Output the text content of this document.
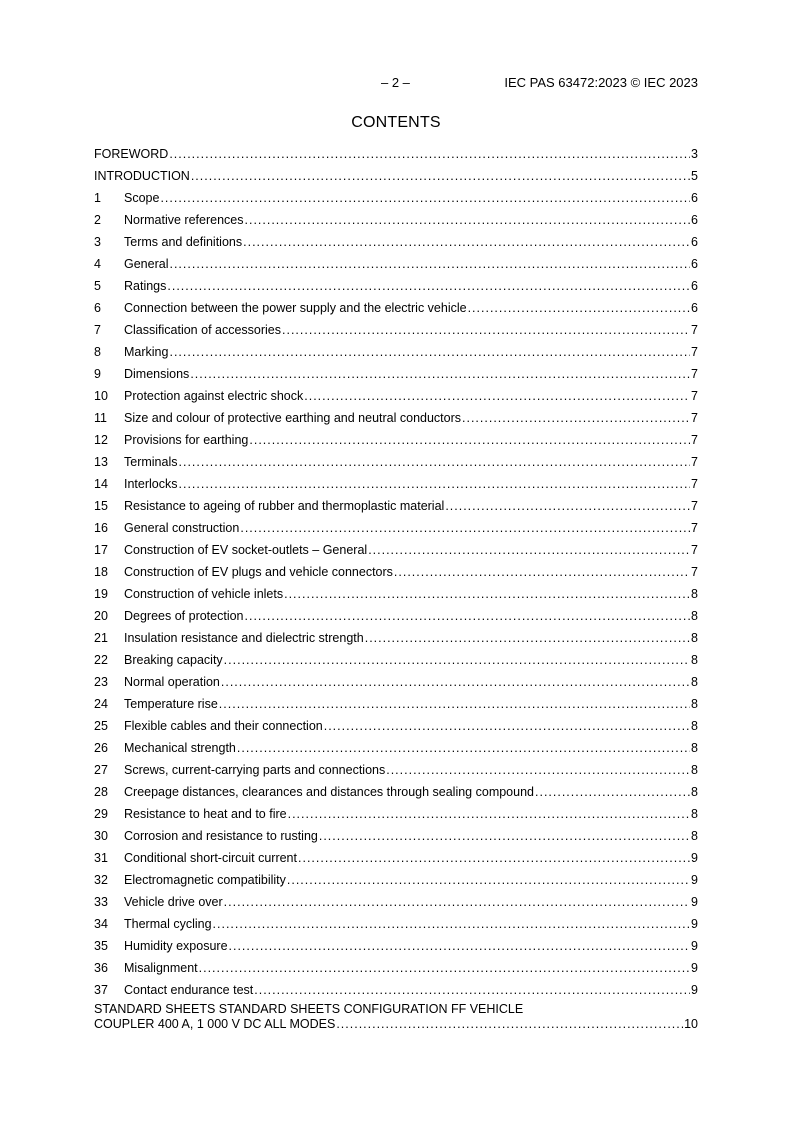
– 2 –	IEC PAS 63472:2023 © IEC 2023
CONTENTS
FOREWORD .....	3
INTRODUCTION .....	5
1	Scope .....	6
2	Normative references .....	6
3	Terms and definitions .....	6
4	General .....	6
5	Ratings .....	6
6	Connection between the power supply and the electric vehicle .....	6
7	Classification of accessories .....	7
8	Marking .....	7
9	Dimensions .....	7
10	Protection against electric shock .....	7
11	Size and colour of protective earthing and neutral conductors .....	7
12	Provisions for earthing .....	7
13	Terminals .....	7
14	Interlocks .....	7
15	Resistance to ageing of rubber and thermoplastic material .....	7
16	General construction .....	7
17	Construction of EV socket-outlets – General .....	7
18	Construction of EV plugs and vehicle connectors .....	7
19	Construction of vehicle inlets .....	8
20	Degrees of protection .....	8
21	Insulation resistance and dielectric strength .....	8
22	Breaking capacity .....	8
23	Normal operation .....	8
24	Temperature rise .....	8
25	Flexible cables and their connection .....	8
26	Mechanical strength .....	8
27	Screws, current-carrying parts and connections .....	8
28	Creepage distances, clearances and distances through sealing compound .....	8
29	Resistance to heat and to fire .....	8
30	Corrosion and resistance to rusting .....	8
31	Conditional short-circuit current .....	9
32	Electromagnetic compatibility .....	9
33	Vehicle drive over .....	9
34	Thermal cycling .....	9
35	Humidity exposure .....	9
36	Misalignment .....	9
37	Contact endurance test .....	9
STANDARD SHEETS STANDARD SHEETS CONFIGURATION FF VEHICLE
COUPLER 400 A, 1 000 V DC ALL MODES .....	10
